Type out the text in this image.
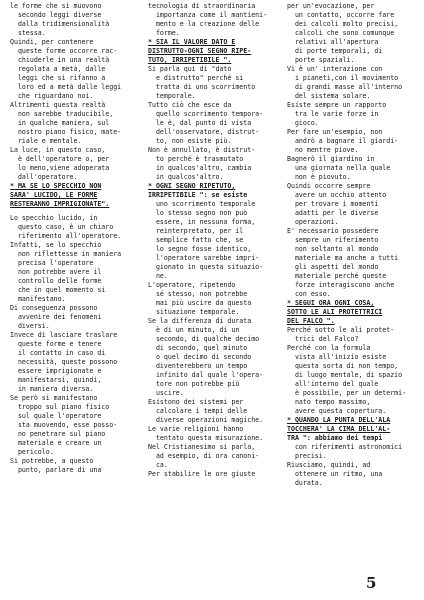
le forme che si muovono
secondo leggi diverse
dalla tridimensionalità
stessa.
Quindi, per contenere
queste forme occorre rac-
chiuderle in una realtà
regolata a metà, dalle
leggi che si rifanno a
loro ed a metà dalle leggi
che riguardano noi.
Altrimenti questa realtà
non sarebbe traducibile,
in qualche maniera, sul
nostro piano fisico, mate-
riale e mentale.
La luce, in questo caso,
è dell'operatore o, per
lo meno,viene adoperata
dall'operatore.
* MA SE LO SPECCHIO NON
SARA' LUCIDO, LE FORME
RESTERANNO IMPRIGIONATE".
Lo specchio lucido, in
questo caso, è un chiaro
riferimento all'operatore.
Infatti, se lo specchio
non riflettesse in maniera
precisa l'operatore
non potrebbe avere il
controllo delle forme
che in quel momento si
manifestano.
Di conseguenza possono
avvenire dei fenomeni
diversi.
Invece di lasciare traslare
queste forme e tenere
il contatto in caso di
necessità, queste possono
essere imprigionate e
manifestarsi, quindi,
in maniera diversa.
Se però si manifestano
troppo sul piano fisico
sul quale l'operatore
sta muovendo, esse posso-
no penetrare sul piano
materiale e creare un
pericolo.
Si potrebbe, a questo
punto, parlare di una
tecnologia di straordinaria
importanza come il mantieni-
mento e la creazione delle
forme.
* SIA IL VALORE DATO E
DISTRUTTO-OGNI SEGNO RIPE-
TUTO, IRRIPETIBILE ".
Si parla qui di "dato
e distrutto" perché si
tratta di uno scorrimento
temporale.
Tutto ciò che esce da
quello scorrimento tempora-
le è, dal punto di vista
dell'osservatore, distrut-
to, non esiste più.
Non è annullato, è distrut-
to perché è trasmutato
in qualcos'altro, cambia
in qualcos'altro.
* OGNI SEGNO RIPETUTO,
IRRIPETIBILE ": se esiste
uno scorrimento temporale
lo stesso segno non può
essere, in nessuna forma,
reinterpretato, per il
semplice fatto che, se
lo segno fosse identico,
l'operatore sarebbe impri-
gionato in questa situazio-
ne.
L'operatore, ripetendo
sé stesso, non potrebbe
mai più uscire da questa
situazione temporale.
Se la differenza di durata
è di un minuto, di un
secondo, di qualche decimo
di secondo, quel minuto
o quel decimo di secondo
diventerebbero un tempo
infinito dal quale l'opera-
tore non potrebbe più
uscire.
Esistono dei sistemi per
calcolare i tempi delle
diverse operazioni magiche.
Le varie religioni hanno
tentato questa misurazione.
Nel Cristianesimo si parla,
ad esempio, di ora canoni-
ca.
Per stabilire le ore giuste
per un'evocazione, per
un contatto, occorre fare
dei calcoli molto precisi,
calcoli che sono comunque
relativi all'apertura
di porte temporali, di
porte spaziali.
Vi è un' interazione con
i pianeti,con il movimento
di grandi masse all'interno
del sistema solare.
Esiste sempre un rapporto
tra le varie forze in
gioco.
Per fare un'esempio, non
andrò a bagnare il giardi-
no mentre piove.
Bagnerò il giardino in
una giornata nella quale
non è piovuto.
Quindi occorre sempre
avere un occhio attento
per trovare i momenti
adatti per le diverse
operazioni.
E' necessario possedere
sempre un riferimento
non soltanto al mondo
materiale ma anche a tutti
gli aspetti del mondo
materiale perché queste
forze interagiscono anche
con esso.
* SEGUI ORA OGNI COSA,
SOTTO LE ALI PROTETTRICI
DEL FALCO ".
Perché sotto le ali protet-
trici del Falco?
Perché con la formula
vista all'inizio esiste
questa sorta di non tempo,
di luogo mentale, di spazio
all'interno del quale
è possibile, per un determi-
nato tempo massimo,
avere questa copertura.
* QUANDO LA PUNTA DELL'ALA
TOCCHERA' LA CIMA DELL'AL-
TRA ": abbiamo dei tempi
con riferimenti astronomici
precisi.
Riusciamo, quindi, ad
ottenere un ritmo, una
durata.
5
